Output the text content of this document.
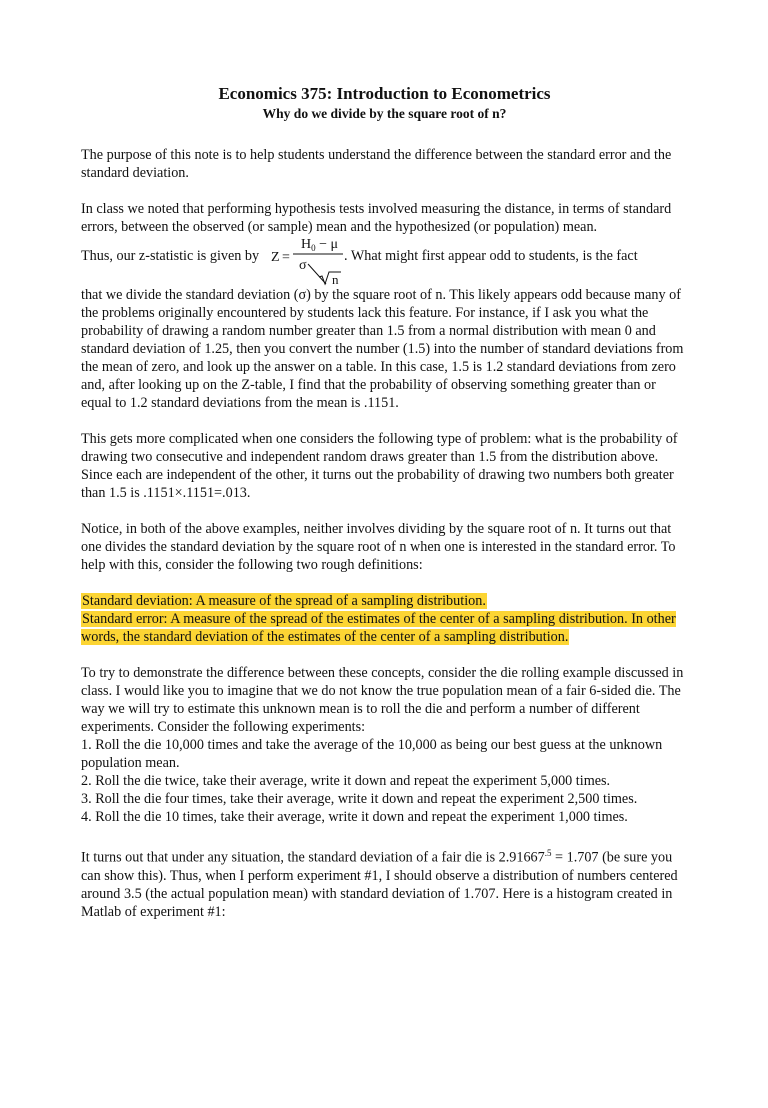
Economics 375: Introduction to Econometrics
Why do we divide by the square root of n?

The purpose of this note is to help students understand the difference between the standard error and the standard deviation.

In class we noted that performing hypothesis tests involved measuring the distance, in terms of standard errors, between the observed (or sample) mean and the hypothesized (or population) mean.

Thus, our z-statistic is given by Z =
$H_0 - \mu$
σ
n
. What might first appear odd to students, is the fact

that we divide the standard deviation (σ) by the square root of n. This likely appears odd because many of the problems originally encountered by students lack this feature. For instance, if I ask you what the probability of drawing a random number greater than 1.5 from a normal distribution with mean 0 and standard deviation of 1.25, then you convert the number (1.5) into the number of standard deviations from the mean of zero, and look up the answer on a table. In this case, 1.5 is 1.2 standard deviations from zero and, after looking up on the Z-table, I find that the probability of observing something greater than or equal to 1.2 standard deviations from the mean is .1151.

This gets more complicated when one considers the following type of problem: what is the probability of drawing two consecutive and independent random draws greater than 1.5 from the distribution above. Since each are independent of the other, it turns out the probability of drawing two numbers both greater than 1.5 is .1151×.1151=.013.

Notice, in both of the above examples, neither involves dividing by the square root of n. It turns out that one divides the standard deviation by the square root of n when one is interested in the standard error. To help with this, consider the following two rough definitions:

Standard deviation: A measure of the spread of a sampling distribution.

Standard error: A measure of the spread of the estimates of the center of a sampling distribution. In other words, the standard deviation of the estimates of the center of a sampling distribution.

To try to demonstrate the difference between these concepts, consider the die rolling example discussed in class. I would like you to imagine that we do not know the true population mean of a fair 6-sided die. The way we will try to estimate this unknown mean is to roll the die and perform a number of different experiments. Consider the following experiments:

1. Roll the die 10,000 times and take the average of the 10,000 as being our best guess at the unknown population mean.

2. Roll the die twice, take their average, write it down and repeat the experiment 5,000 times.

3. Roll the die four times, take their average, write it down and repeat the experiment 2,500 times.

4. Roll the die 10 times, take their average, write it down and repeat the experiment 1,000 times.

It turns out that under any situation, the standard deviation of a fair die is $2.91667^{.5} = 1.707$ (be sure you can show this). Thus, when I perform experiment #1, I should observe a distribution of numbers centered around 3.5 (the actual population mean) with standard deviation of 1.707. Here is a histogram created in Matlab of experiment #1:
